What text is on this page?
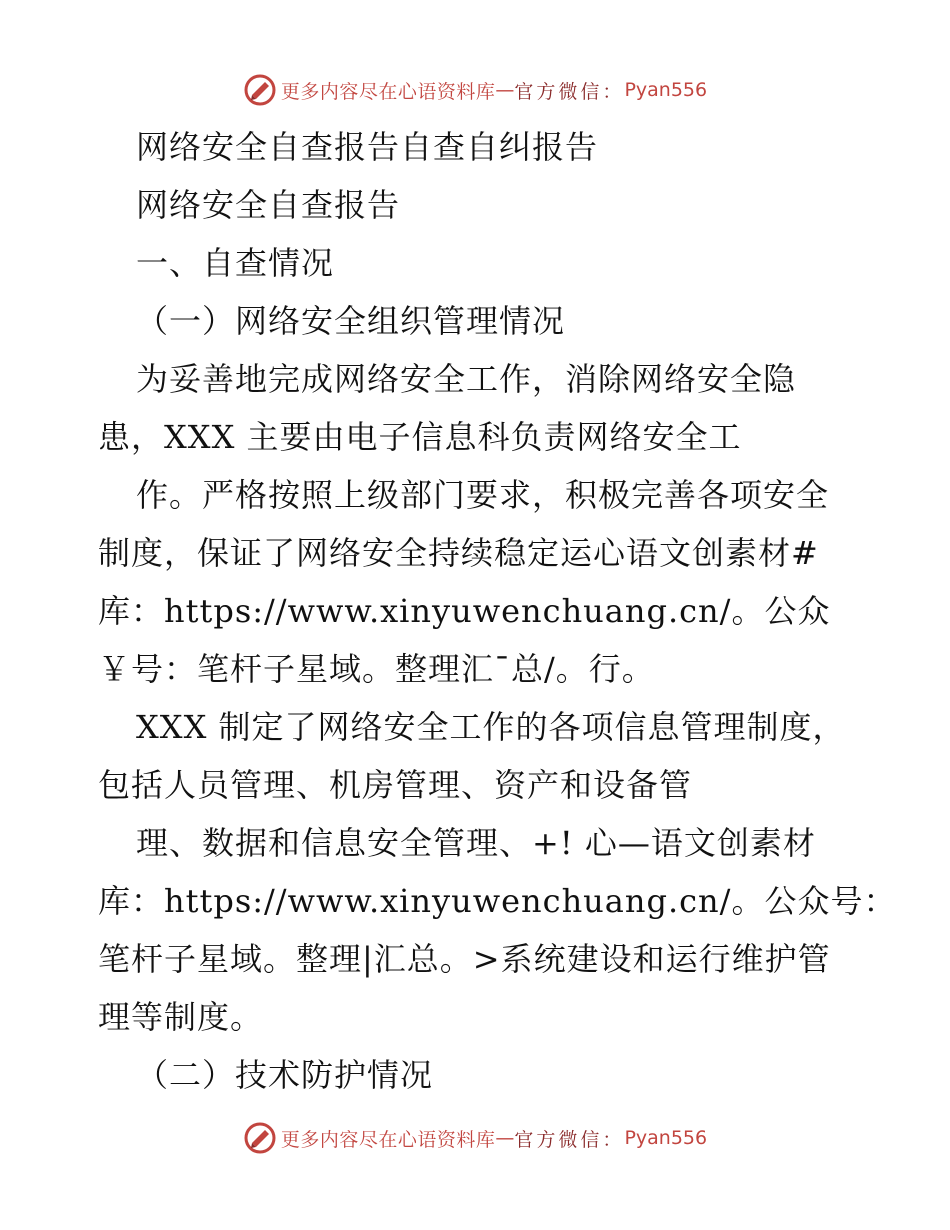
更多内容尽在心语资料库 — 官方微信： Pyan556
网络安全自查报告自查自纠报告
网络安全自查报告
一、自查情况
（一）网络安全组织管理情况
为妥善地完成网络安全工作，消除网络安全隐
患，XXX 主要由电子信息科负责网络安全工
作。严格按照上级部门要求，积极完善各项安全
制度，保证了网络安全持续稳定运心语文创素材#
库：https://www.xinyuwenchuang.cn/。公众
￥号：笔杆子星域。整理汇¯总/。行。
XXX 制定了网络安全工作的各项信息管理制度，
包括人员管理、机房管理、资产和设备管
理、数据和信息安全管理、+! 心—语文创素材
库：https://www.xinyuwenchuang.cn/。公众号：
笔杆子星域。整理|汇总。>系统建设和运行维护管
理等制度。
（二）技术防护情况
更多内容尽在心语资料库 — 官方微信： Pyan556
